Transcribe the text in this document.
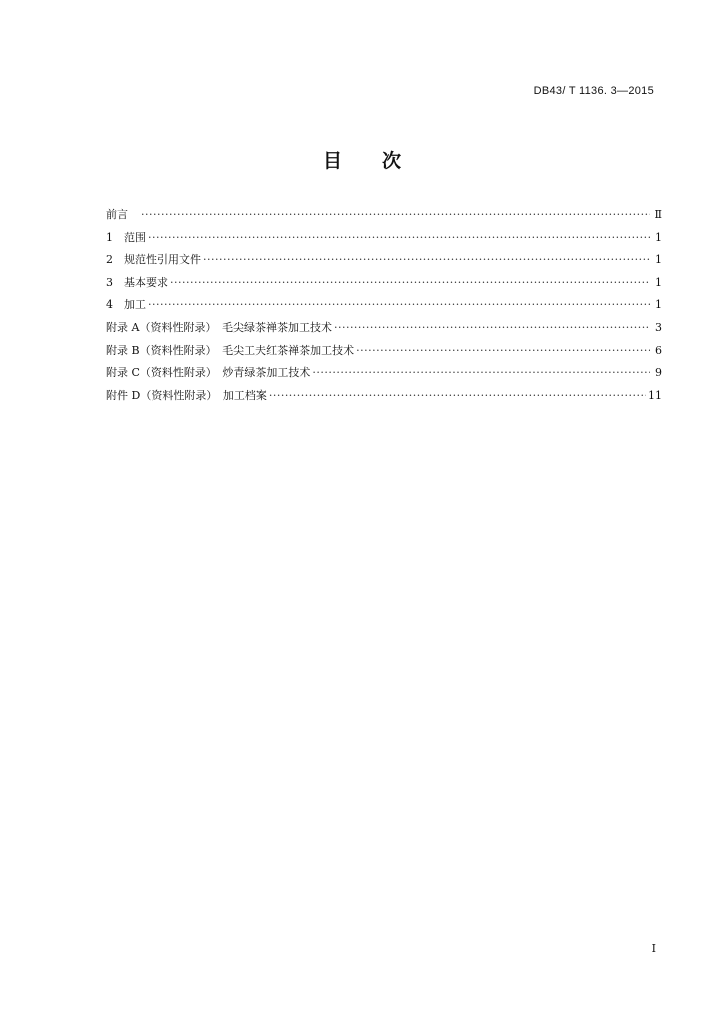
DB43/ T 1136. 3—2015
目 次
前言　 ·····	Ⅱ
1　范围 ·····	1
2　规范性引用文件 ·····	1
3　基本要求 ·····	1
4　加工 ·····	1
附录 A（资料性附录）　毛尖绿茶禅茶加工技术 ·····	3
附录 B（资料性附录）　毛尖工夫红茶禅茶加工技术 ·····	6
附录 C（资料性附录）　炒青绿茶加工技术 ·····	9
附件 D（资料性附录）　加工档案 ·····	11
I
